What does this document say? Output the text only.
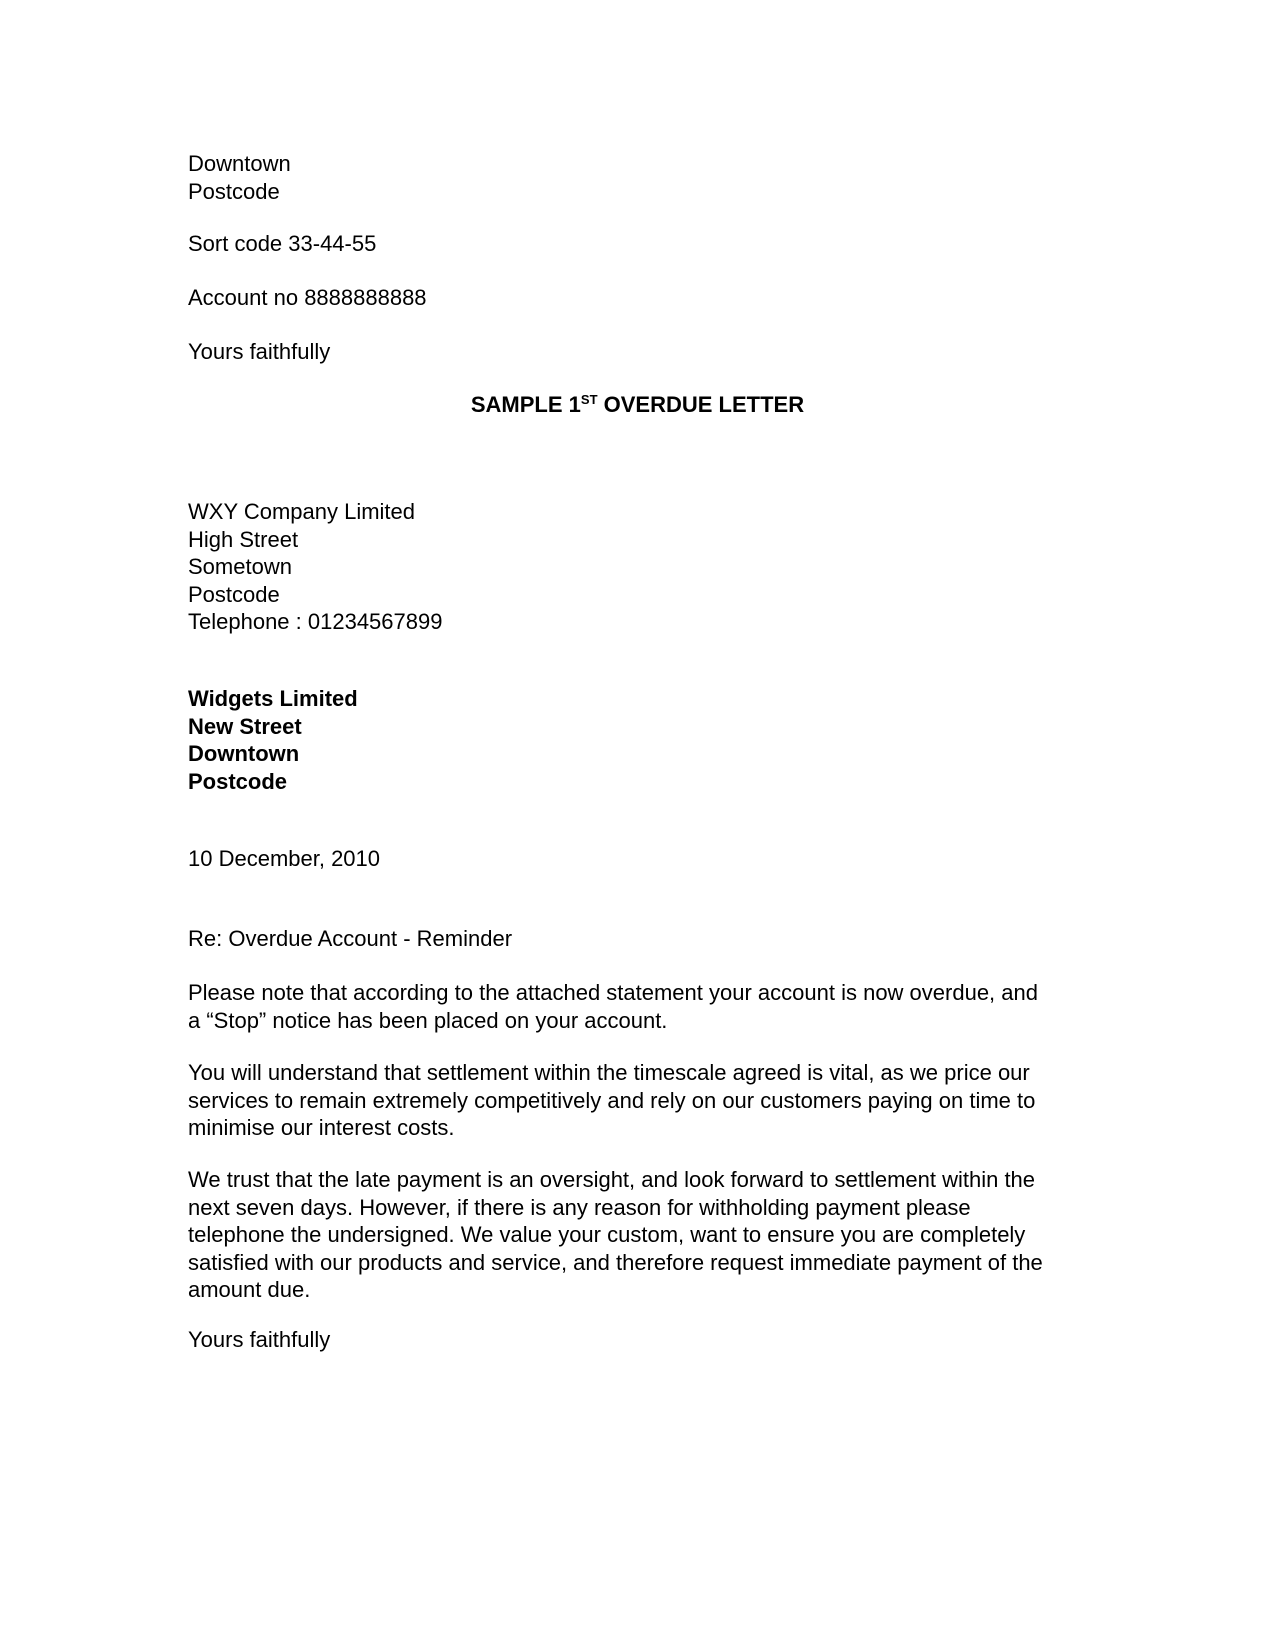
Downtown
Postcode
Sort code 33-44-55
Account no 8888888888
Yours faithfully
SAMPLE 1ST OVERDUE LETTER
WXY Company Limited
High Street
Sometown
Postcode
Telephone : 01234567899
Widgets Limited
New Street
Downtown
Postcode
10 December, 2010
Re: Overdue Account - Reminder
Please note that according to the attached statement your account is now overdue, and
a “Stop” notice has been placed on your account.
You will understand that settlement within the timescale agreed is vital, as we price our
services to remain extremely competitively and rely on our customers paying on time to
minimise our interest costs.
We trust that the late payment is an oversight, and look forward to settlement within the
next seven days. However, if there is any reason for withholding payment please
telephone the undersigned. We value your custom, want to ensure you are completely
satisfied with our products and service, and therefore request immediate payment of the
amount due.
Yours faithfully
